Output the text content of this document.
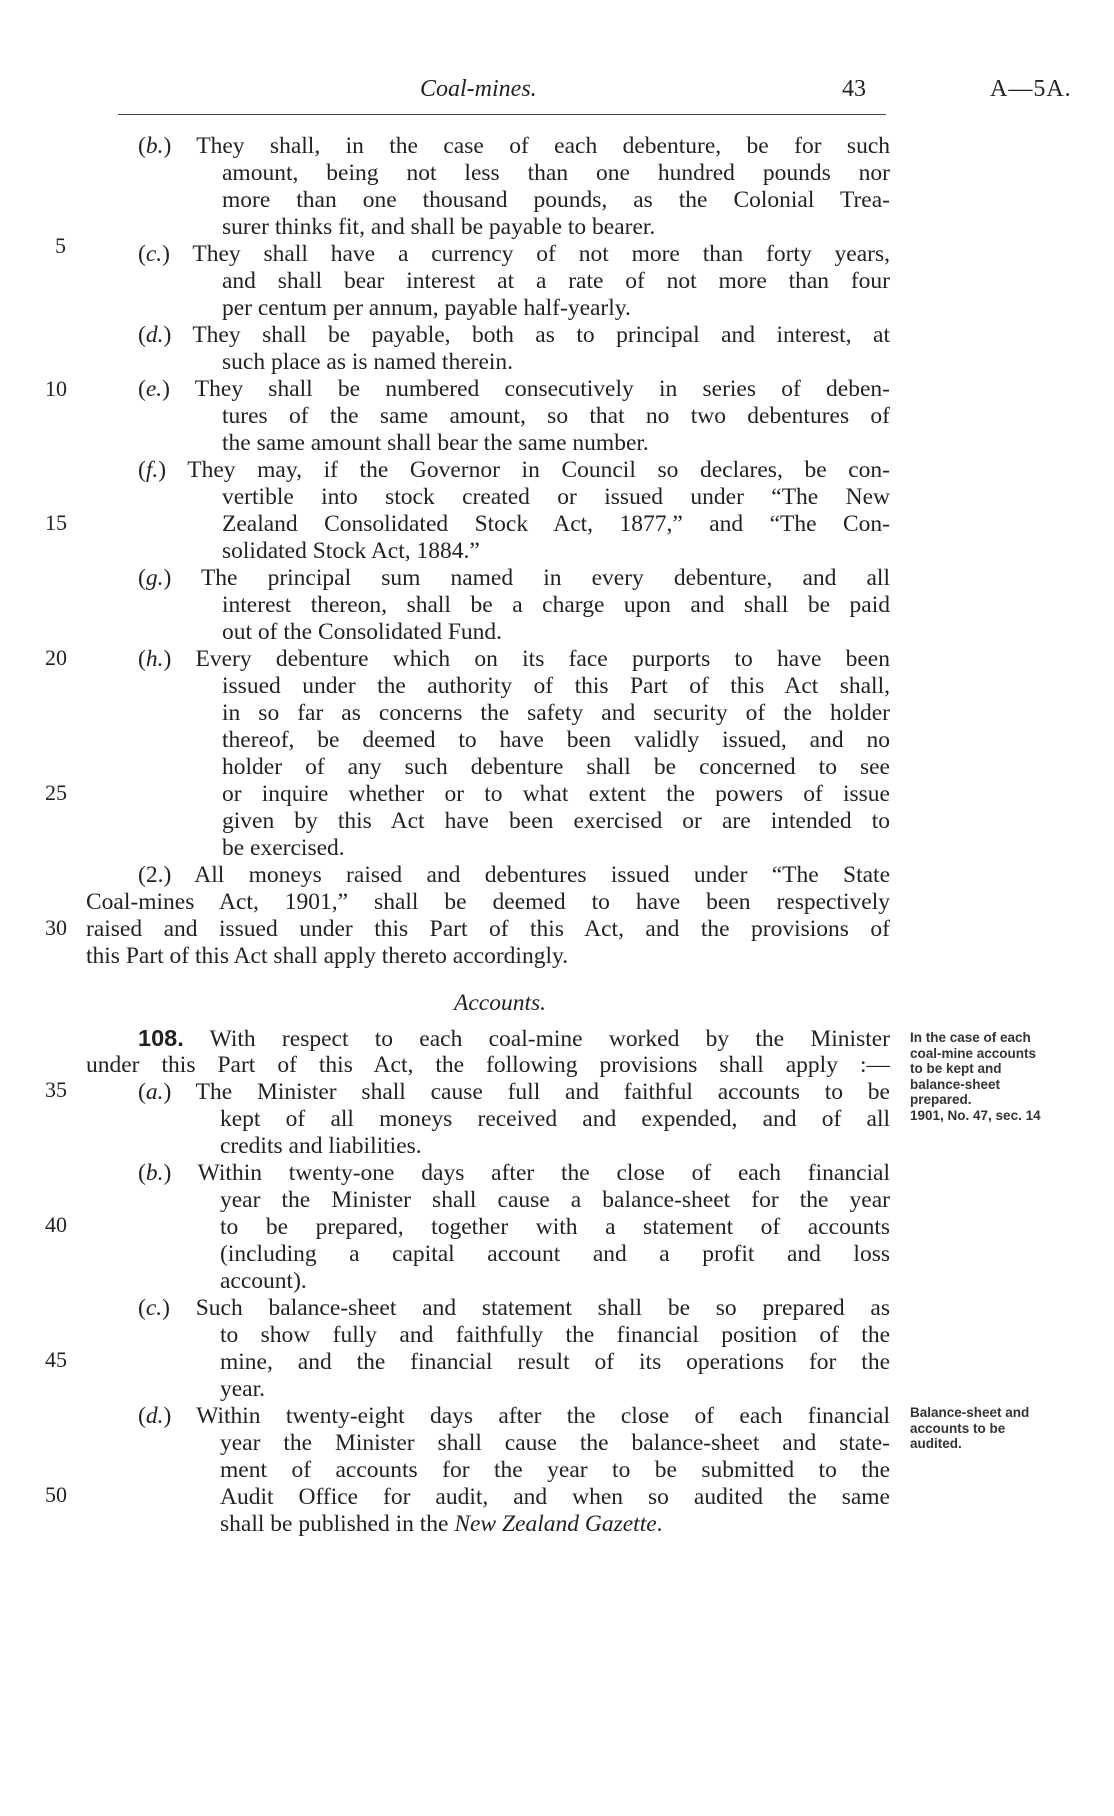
Coal-mines.	43	A—5A.
5
10
15
20
25
30
35
40
45
50
(b.) They shall, in the case of each debenture, be for such
amount, being not less than one hundred pounds nor
more than one thousand pounds, as the Colonial Trea-
surer thinks fit, and shall be payable to bearer.
(c.) They shall have a currency of not more than forty years,
and shall bear interest at a rate of not more than four
per centum per annum, payable half-yearly.
(d.) They shall be payable, both as to principal and interest, at
such place as is named therein.
(e.) They shall be numbered consecutively in series of deben-
tures of the same amount, so that no two debentures of
the same amount shall bear the same number.
(f.) They may, if the Governor in Council so declares, be con-
vertible into stock created or issued under “The New
Zealand Consolidated Stock Act, 1877,” and “The Con-
solidated Stock Act, 1884.”
(g.) The principal sum named in every debenture, and all
interest thereon, shall be a charge upon and shall be paid
out of the Consolidated Fund.
(h.) Every debenture which on its face purports to have been
issued under the authority of this Part of this Act shall,
in so far as concerns the safety and security of the holder
thereof, be deemed to have been validly issued, and no
holder of any such debenture shall be concerned to see
or inquire whether or to what extent the powers of issue
given by this Act have been exercised or are intended to
be exercised.
(2.) All moneys raised and debentures issued under “The State
Coal-mines Act, 1901,” shall be deemed to have been respectively
raised and issued under this Part of this Act, and the provisions of
this Part of this Act shall apply thereto accordingly.
Accounts.
108. With respect to each coal-mine worked by the Minister
under this Part of this Act, the following provisions shall apply :—
(a.) The Minister shall cause full and faithful accounts to be
kept of all moneys received and expended, and of all
credits and liabilities.
(b.) Within twenty-one days after the close of each financial
year the Minister shall cause a balance-sheet for the year
to be prepared, together with a statement of accounts
(including a capital account and a profit and loss
account).
(c.) Such balance-sheet and statement shall be so prepared as
to show fully and faithfully the financial position of the
mine, and the financial result of its operations for the
year.
(d.) Within twenty-eight days after the close of each financial
year the Minister shall cause the balance-sheet and state-
ment of accounts for the year to be submitted to the
Audit Office for audit, and when so audited the same
shall be published in the New Zealand Gazette.
In the case of each
coal-mine accounts
to be kept and
balance-sheet
prepared.
1901, No. 47, sec. 14
Balance-sheet and
accounts to be
audited.
